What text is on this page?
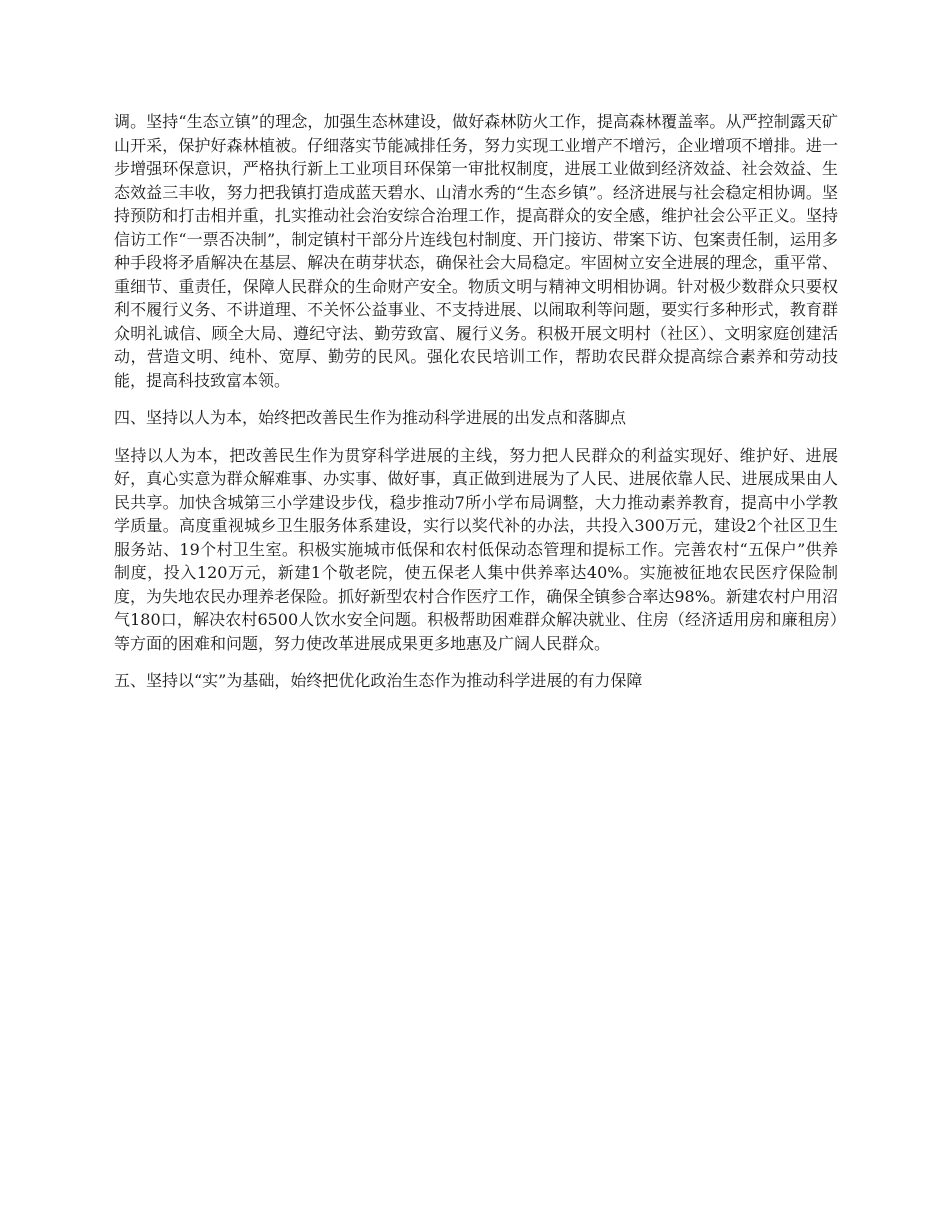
调。坚持“生态立镇”的理念，加强生态林建设，做好森林防火工作，提高森林覆盖率。从严控制露天矿山开采，保护好森林植被。仔细落实节能减排任务，努力实现工业增产不增污，企业增项不增排。进一步增强环保意识，严格执行新上工业项目环保第一审批权制度，进展工业做到经济效益、社会效益、生态效益三丰收，努力把我镇打造成蓝天碧水、山清水秀的“生态乡镇”。经济进展与社会稳定相协调。坚持预防和打击相并重，扎实推动社会治安综合治理工作，提高群众的安全感，维护社会公平正义。坚持信访工作“一票否决制”，制定镇村干部分片连线包村制度、开门接访、带案下访、包案责任制，运用多种手段将矛盾解决在基层、解决在萌芽状态，确保社会大局稳定。牢固树立安全进展的理念，重平常、重细节、重责任，保障人民群众的生命财产安全。物质文明与精神文明相协调。针对极少数群众只要权利不履行义务、不讲道理、不关怀公益事业、不支持进展、以闹取利等问题，要实行多种形式，教育群众明礼诚信、顾全大局、遵纪守法、勤劳致富、履行义务。积极开展文明村（社区）、文明家庭创建活动，营造文明、纯朴、宽厚、勤劳的民风。强化农民培训工作，帮助农民群众提高综合素养和劳动技能，提高科技致富本领。

四、坚持以人为本，始终把改善民生作为推动科学进展的出发点和落脚点

坚持以人为本，把改善民生作为贯穿科学进展的主线，努力把人民群众的利益实现好、维护好、进展好，真心实意为群众解难事、办实事、做好事，真正做到进展为了人民、进展依靠人民、进展成果由人民共享。加快含城第三小学建设步伐，稳步推动7所小学布局调整，大力推动素养教育，提高中小学教学质量。高度重视城乡卫生服务体系建设，实行以奖代补的办法，共投入300万元，建设2个社区卫生服务站、19个村卫生室。积极实施城市低保和农村低保动态管理和提标工作。完善农村“五保户”供养制度，投入120万元，新建1个敬老院，使五保老人集中供养率达40%。实施被征地农民医疗保险制度，为失地农民办理养老保险。抓好新型农村合作医疗工作，确保全镇参合率达98%。新建农村户用沼气180口，解决农村6500人饮水安全问题。积极帮助困难群众解决就业、住房（经济适用房和廉租房）等方面的困难和问题，努力使改革进展成果更多地惠及广阔人民群众。

五、坚持以“实”为基础，始终把优化政治生态作为推动科学进展的有力保障
